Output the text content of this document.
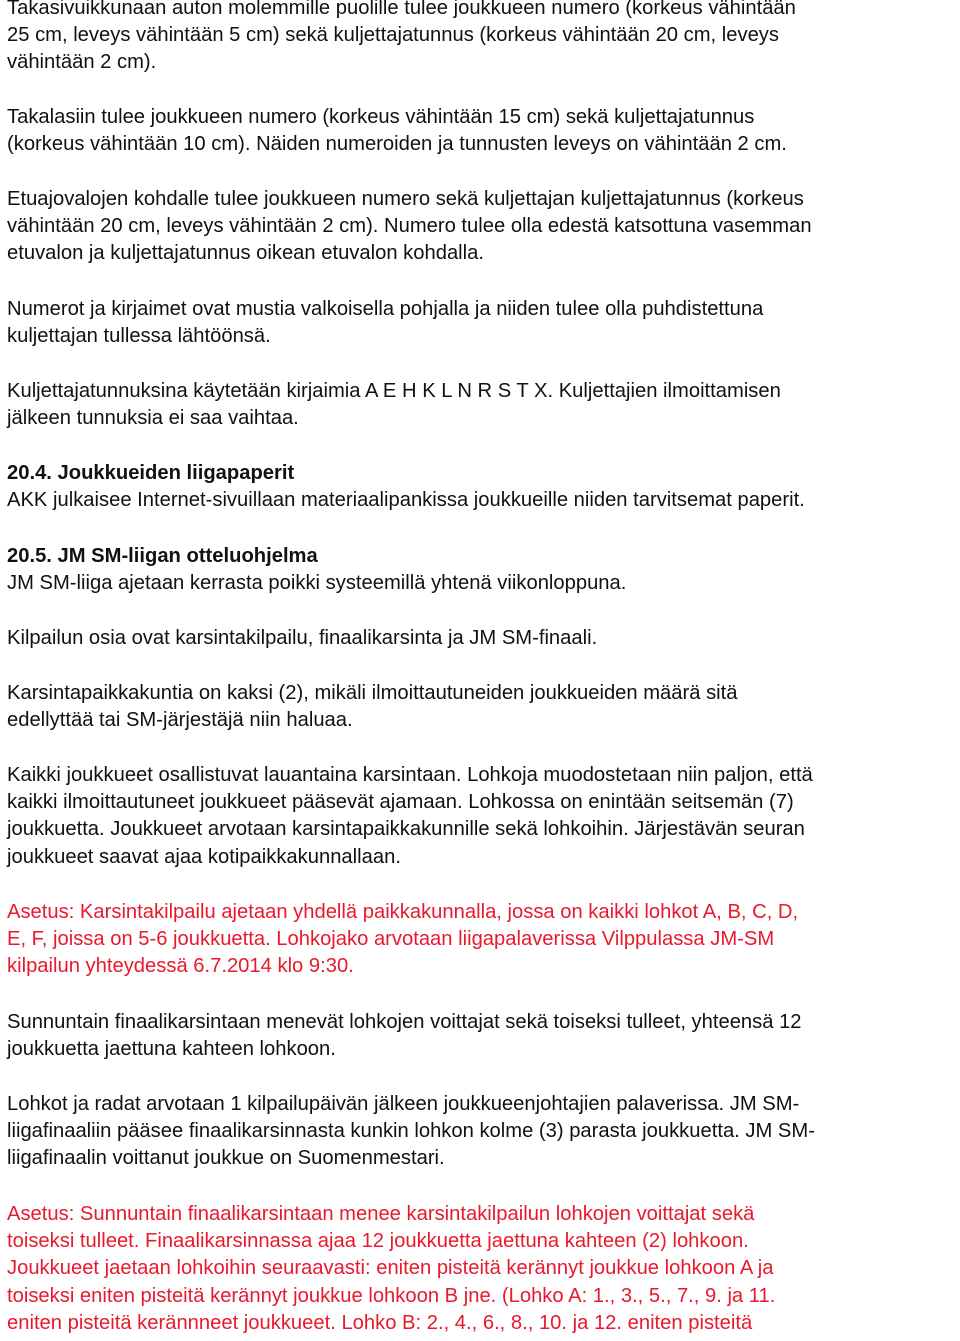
Takasivuikkunaan auton molemmille puolille tulee joukkueen numero (korkeus vähintään
25 cm, leveys vähintään 5 cm) sekä kuljettajatunnus (korkeus vähintään 20 cm, leveys
vähintään 2 cm).

Takalasiin tulee joukkueen numero (korkeus vähintään 15 cm) sekä kuljettajatunnus
(korkeus vähintään 10 cm). Näiden numeroiden ja tunnusten leveys on vähintään 2 cm.

Etuajovalojen kohdalle tulee joukkueen numero sekä kuljettajan kuljettajatunnus (korkeus
vähintään 20 cm, leveys vähintään 2 cm). Numero tulee olla edestä katsottuna vasemman
etuvalon ja kuljettajatunnus oikean etuvalon kohdalla.

Numerot ja kirjaimet ovat mustia valkoisella pohjalla ja niiden tulee olla puhdistettuna
kuljettajan tullessa lähtöönsä.

Kuljettajatunnuksina käytetään kirjaimia A E H K L N R S T X. Kuljettajien ilmoittamisen
jälkeen tunnuksia ei saa vaihtaa.

20.4. Joukkueiden liigapaperit
AKK julkaisee Internet-sivuillaan materiaalipankissa joukkueille niiden tarvitsemat paperit.
20.5. JM SM-liigan otteluohjelma
JM SM-liiga ajetaan kerrasta poikki systeemillä yhtenä viikonloppuna.

Kilpailun osia ovat karsintakilpailu, finaalikarsinta ja JM SM-finaali.

Karsintapaikkakuntia on kaksi (2), mikäli ilmoittautuneiden joukkueiden määrä sitä
edellyttää tai SM-järjestäjä niin haluaa.

Kaikki joukkueet osallistuvat lauantaina karsintaan. Lohkoja muodostetaan niin paljon, että
kaikki ilmoittautuneet joukkueet pääsevät ajamaan. Lohkossa on enintään seitsemän (7)
joukkuetta. Joukkueet arvotaan karsintapaikkakunnille sekä lohkoihin. Järjestävän seuran
joukkueet saavat ajaa kotipaikkakunnallaan.

Asetus: Karsintakilpailu ajetaan yhdellä paikkakunnalla, jossa on kaikki lohkot A, B, C, D,
E, F, joissa on 5-6 joukkuetta. Lohkojako arvotaan liigapalaverissa Vilppulassa JM-SM
kilpailun yhteydessä 6.7.2014 klo 9:30.

Sunnuntain finaalikarsintaan menevät lohkojen voittajat sekä toiseksi tulleet, yhteensä 12
joukkuetta jaettuna kahteen lohkoon.

Lohkot ja radat arvotaan 1 kilpailupäivän jälkeen joukkueenjohtajien palaverissa. JM SM-
liigafinaaliin pääsee finaalikarsinnasta kunkin lohkon kolme (3) parasta joukkuetta. JM SM-
liigafinaalin voittanut joukkue on Suomenmestari.

Asetus: Sunnuntain finaalikarsintaan menee karsintakilpailun lohkojen voittajat sekä
toiseksi tulleet. Finaalikarsinnassa ajaa 12 joukkuetta jaettuna kahteen (2) lohkoon.
Joukkueet jaetaan lohkoihin seuraavasti: eniten pisteitä kerännyt joukkue lohkoon A ja
toiseksi eniten pisteitä kerännyt joukkue lohkoon B jne. (Lohko A: 1., 3., 5., 7., 9. ja 11.
eniten pisteitä kerännneet joukkueet. Lohko B: 2., 4., 6., 8., 10. ja 12. eniten pisteitä
